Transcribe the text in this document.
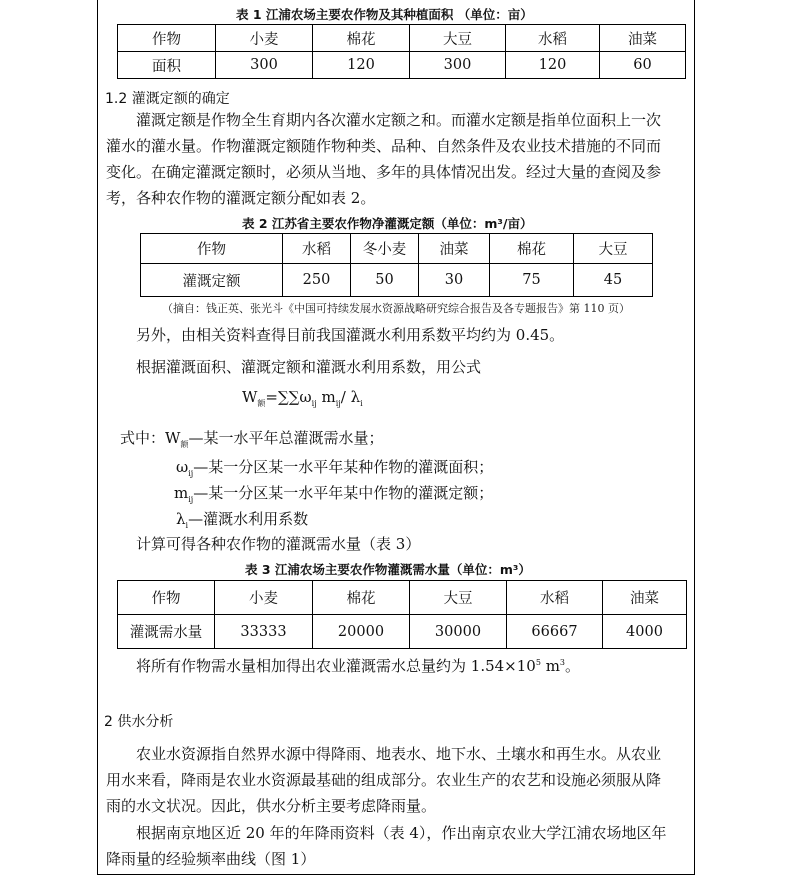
表 1 江浦农场主要农作物及其种植面积 （单位：亩）
作物	小麦	棉花	大豆	水稻	油菜
面积	300	120	300	120	60
1.2 灌溉定额的确定
灌溉定额是作物全生育期内各次灌水定额之和。而灌水定额是指单位面积上一次
灌水的灌水量。作物灌溉定额随作物种类、品种、自然条件及农业技术措施的不同而
变化。在确定灌溉定额时，必须从当地、多年的具体情况出发。经过大量的查阅及参
考，各种农作物的灌溉定额分配如表 2。
表 2 江苏省主要农作物净灌溉定额（单位：m³/亩）
作物	水稻	冬小麦	油菜	棉花	大豆
灌溉定额	250	50	30	75	45
（摘自：钱正英、张光斗《中国可持续发展水资源战略研究综合报告及各专题报告》第 110 页）
另外，由相关资料查得目前我国灌溉水利用系数平均约为 0.45。
根据灌溉面积、灌溉定额和灌溉水利用系数，用公式
$W_额=\sum\sum\omega_{ij}$ $m_{ij}/$ $\lambda_i$
式中：$W_额—$某一水平年总灌溉需水量；
$\omega_{ij}—$某一分区某一水平年某种作物的灌溉面积；
$m_{ij}—$某一分区某一水平年某中作物的灌溉定额；
$\lambda_i—$灌溉水利用系数
计算可得各种农作物的灌溉需水量（表 3）
表 3 江浦农场主要农作物灌溉需水量（单位：m³）
作物	小麦	棉花	大豆	水稻	油菜
灌溉需水量	33333	20000	30000	66667	4000
将所有作物需水量相加得出农业灌溉需水总量约为 $1.54\times 10^5$ $m^3$。
2 供水分析
农业水资源指自然界水源中得降雨、地表水、地下水、土壤水和再生水。从农业
用水来看，降雨是农业水资源最基础的组成部分。农业生产的农艺和设施必须服从降
雨的水文状况。因此，供水分析主要考虑降雨量。
根据南京地区近 20 年的年降雨资料（表 4），作出南京农业大学江浦农场地区年
降雨量的经验频率曲线（图 1）
